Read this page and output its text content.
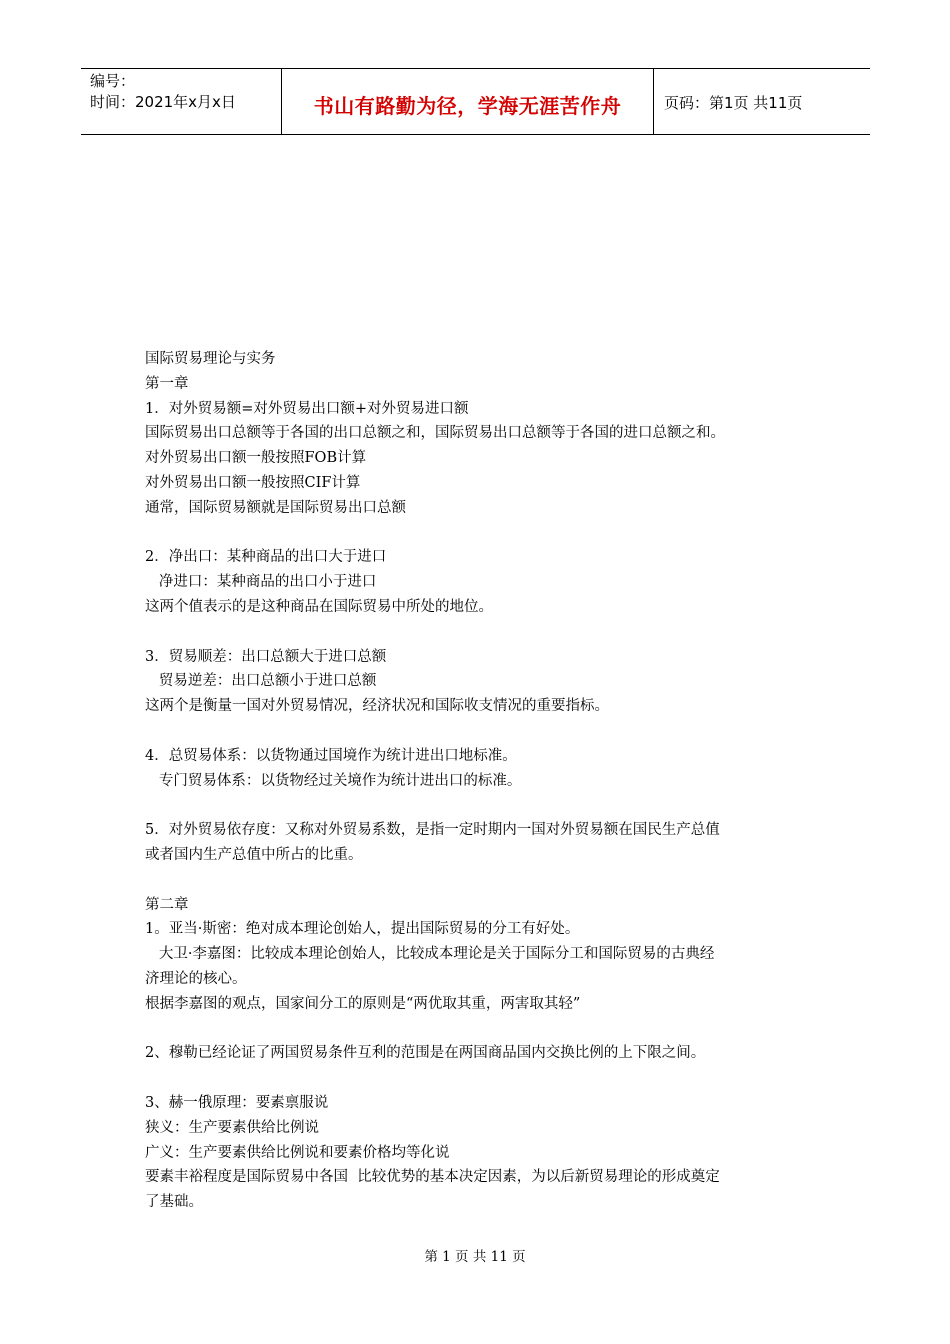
编号：
时间：2021年x月x日	书山有路勤为径，学海无涯苦作舟	页码：第1页 共11页

国际贸易理论与实务

第一章

1．对外贸易额=对外贸易出口额+对外贸易进口额

国际贸易出口总额等于各国的出口总额之和，国际贸易出口总额等于各国的进口总额之和。

对外贸易出口额一般按照FOB计算

对外贸易出口额一般按照CIF计算

通常，国际贸易额就是国际贸易出口总额

2．净出口：某种商品的出口大于进口

净进口：某种商品的出口小于进口

这两个值表示的是这种商品在国际贸易中所处的地位。

3．贸易顺差：出口总额大于进口总额

贸易逆差：出口总额小于进口总额

这两个是衡量一国对外贸易情况，经济状况和国际收支情况的重要指标。

4．总贸易体系：以货物通过国境作为统计进出口地标准。

专门贸易体系：以货物经过关境作为统计进出口的标准。

5．对外贸易依存度：又称对外贸易系数，是指一定时期内一国对外贸易额在国民生产总值

或者国内生产总值中所占的比重。

第二章

1。亚当·斯密：绝对成本理论创始人，提出国际贸易的分工有好处。

大卫·李嘉图：比较成本理论创始人，比较成本理论是关于国际分工和国际贸易的古典经

济理论的核心。

根据李嘉图的观点，国家间分工的原则是“两优取其重，两害取其轻”

2、穆勒已经论证了两国贸易条件互利的范围是在两国商品国内交换比例的上下限之间。

3、赫一俄原理：要素禀服说

狭义：生产要素供给比例说

广义：生产要素供给比例说和要素价格均等化说

要素丰裕程度是国际贸易中各国  比较优势的基本决定因素，为以后新贸易理论的形成奠定

了基础。

第 1 页 共 11 页
